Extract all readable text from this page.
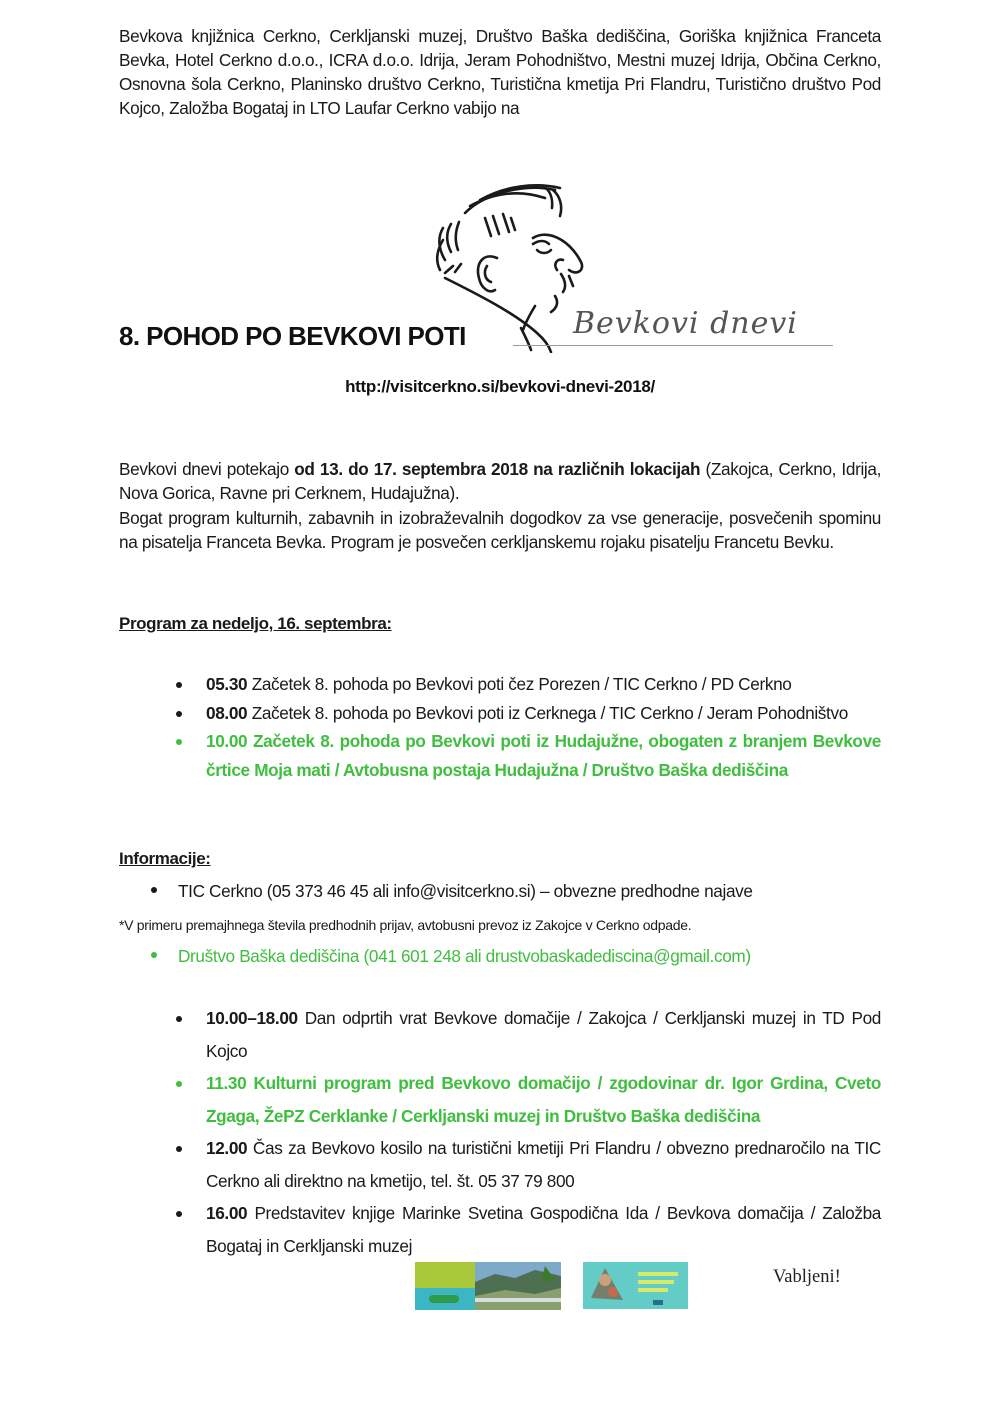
Bevkova knjižnica Cerkno, Cerkljanski muzej, Društvo Baška dediščina, Goriška knjižnica Franceta Bevka, Hotel Cerkno d.o.o., ICRA d.o.o. Idrija, Jeram Pohodništvo, Mestni muzej Idrija, Občina Cerkno, Osnovna šola Cerkno, Planinsko društvo Cerkno, Turistična kmetija Pri Flandru, Turistično društvo Pod Kojco, Založba Bogataj in LTO Laufar Cerkno vabijo na

8. POHOD PO BEVKOVI POTI	Bevkovi dnevi
http://visitcerkno.si/bevkovi-dnevi-2018/

Bevkovi dnevi potekajo od 13. do 17. septembra 2018 na različnih lokacijah (Zakojca, Cerkno, Idrija, Nova Gorica, Ravne pri Cerknem, Hudajužna).

Bogat program kulturnih, zabavnih in izobraževalnih dogodkov za vse generacije, posvečenih spominu na pisatelja Franceta Bevka. Program je posvečen cerkljanskemu rojaku pisatelju Francetu Bevku.

Program za nedeljo, 16. septembra:
05.30 Začetek 8. pohoda po Bevkovi poti čez Porezen / TIC Cerkno / PD Cerkno
08.00 Začetek 8. pohoda po Bevkovi poti iz Cerknega / TIC Cerkno / Jeram Pohodništvo
10.00 Začetek 8. pohoda po Bevkovi poti iz Hudajužne, obogaten z branjem Bevkove črtice Moja mati / Avtobusna postaja Hudajužna / Društvo Baška dediščina
Informacije:
TIC Cerkno (05 373 46 45 ali info@visitcerkno.si) – obvezne predhodne najave
*V primeru premajhnega števila predhodnih prijav, avtobusni prevoz iz Zakojce v Cerkno odpade.
Društvo Baška dediščina (041 601 248 ali drustvobaskadediscina@gmail.com)
10.00–18.00 Dan odprtih vrat Bevkove domačije / Zakojca / Cerkljanski muzej in TD Pod Kojco
11.30 Kulturni program pred Bevkovo domačijo / zgodovinar dr. Igor Grdina, Cveto Zgaga, ŽePZ Cerklanke / Cerkljanski muzej in Društvo Baška dediščina
12.00 Čas za Bevkovo kosilo na turistični kmetiji Pri Flandru / obvezno prednaročilo na TIC Cerkno ali direktno na kmetijo, tel. št. 05 37 79 800
16.00 Predstavitev knjige Marinke Svetina Gospodična Ida / Bevkova domačija / Založba Bogataj in Cerkljanski muzej
Vabljeni!
